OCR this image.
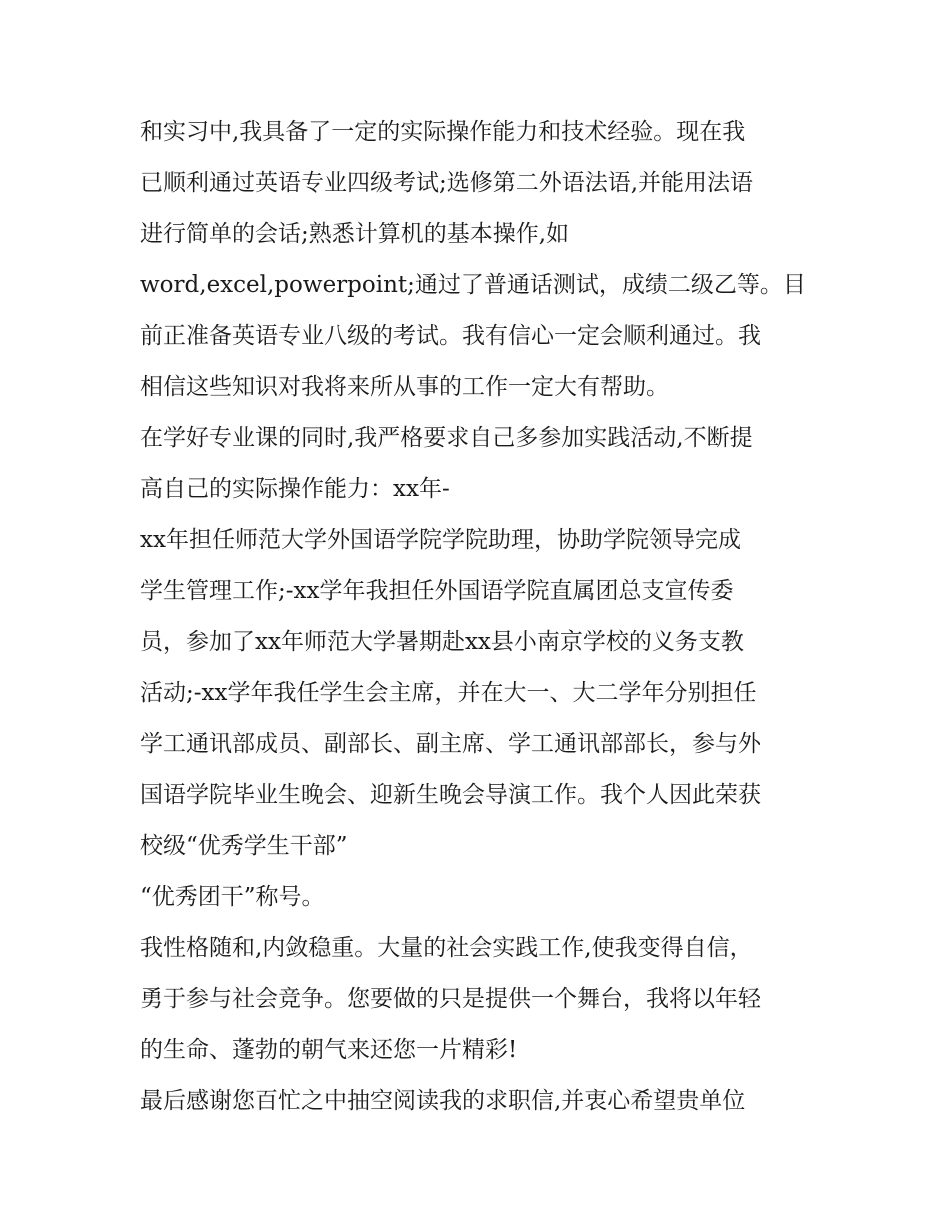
和实习中,我具备了一定的实际操作能力和技术经验。现在我
已顺利通过英语专业四级考试;选修第二外语法语,并能用法语
进行简单的会话;熟悉计算机的基本操作,如
word,excel,powerpoint;通过了普通话测试，成绩二级乙等。目
前正准备英语专业八级的考试。我有信心一定会顺利通过。我
相信这些知识对我将来所从事的工作一定大有帮助。
在学好专业课的同时,我严格要求自己多参加实践活动,不断提
高自己的实际操作能力：xx年-
xx年担任师范大学外国语学院学院助理，协助学院领导完成
学生管理工作;-xx学年我担任外国语学院直属团总支宣传委
员，参加了xx年师范大学暑期赴xx县小南京学校的义务支教
活动;-xx学年我任学生会主席，并在大一、大二学年分别担任
学工通讯部成员、副部长、副主席、学工通讯部部长，参与外
国语学院毕业生晚会、迎新生晚会导演工作。我个人因此荣获
校级“优秀学生干部”
“优秀团干”称号。
我性格随和,内敛稳重。大量的社会实践工作,使我变得自信，
勇于参与社会竞争。您要做的只是提供一个舞台，我将以年轻
的生命、蓬勃的朝气来还您一片精彩!
最后感谢您百忙之中抽空阅读我的求职信,并衷心希望贵单位
